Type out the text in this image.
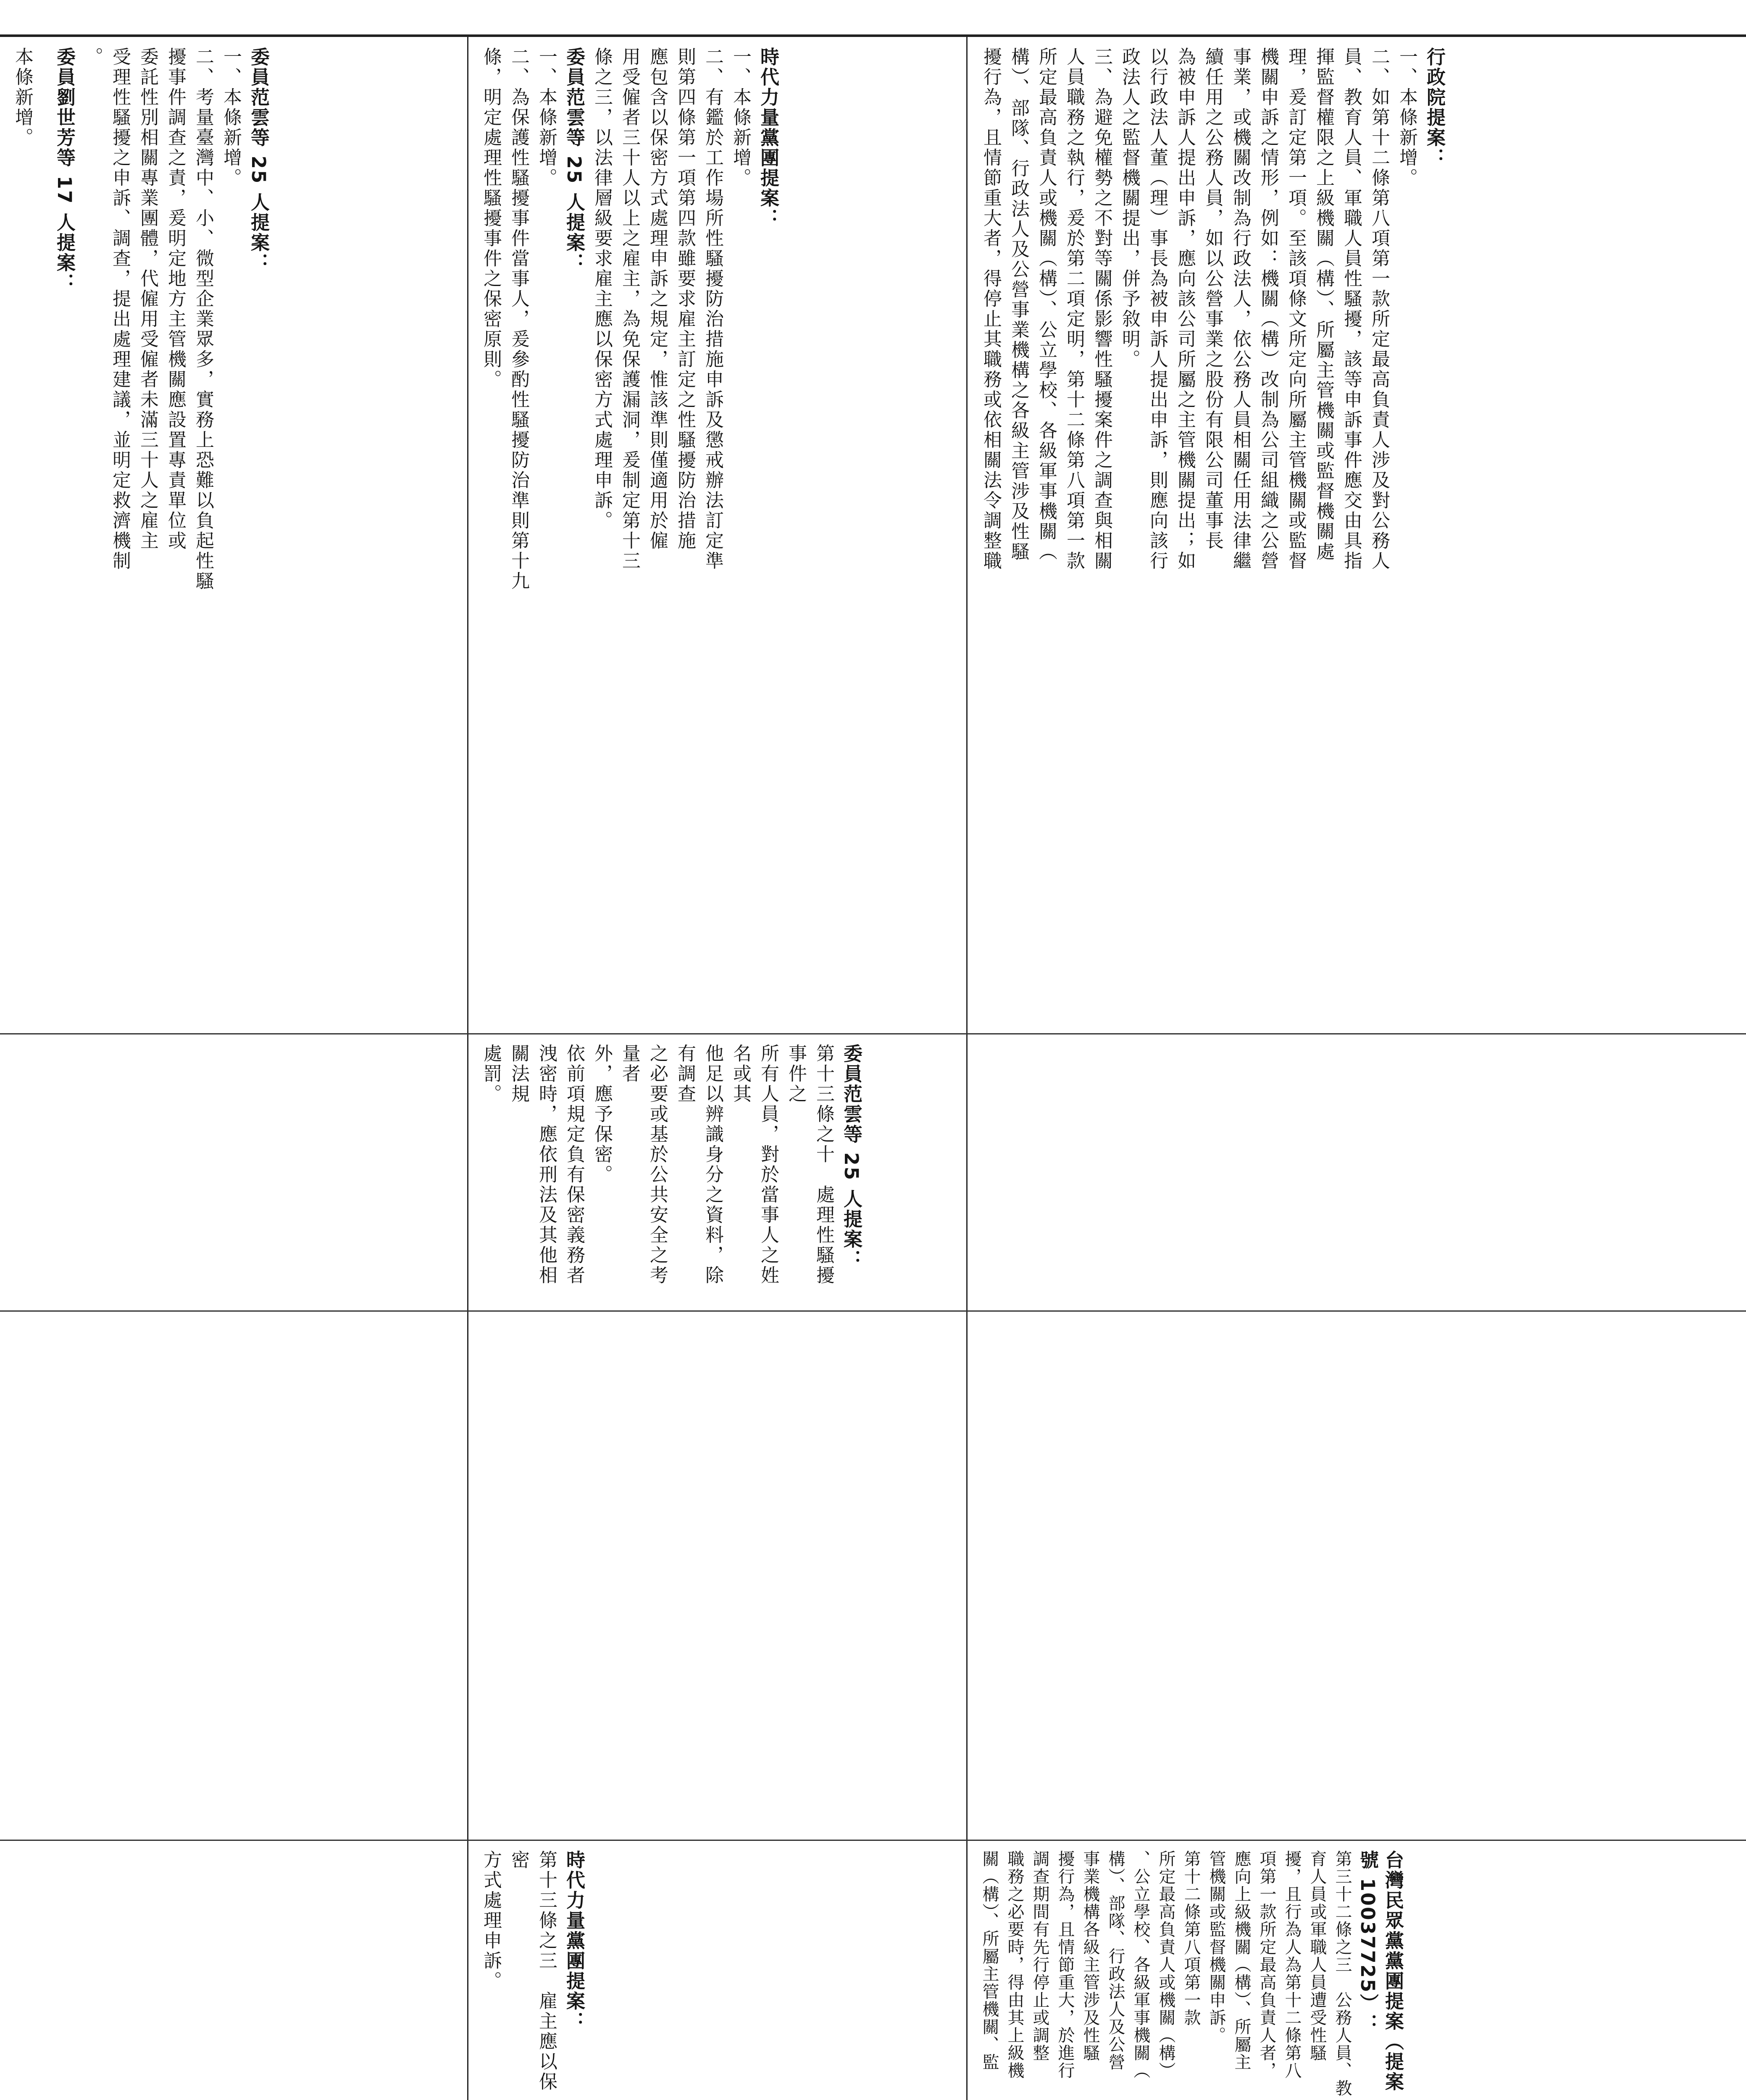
委員范雲等 25 人提案：
一、本條新增。
二、考量臺灣中、小、微型企業眾多，實務上恐難以負起性騷
擾事件調查之責，爰明定地方主管機關應設置專責單位或
委託性別相關專業團體，代僱用受僱者未滿三十人之雇主
受理性騷擾之申訴、調查，提出處理建議，並明定救濟機制
。
委員劉世芳等 17 人提案：
本條新增。	時代力量黨團提案：
一、本條新增。
二、有鑑於工作場所性騷擾防治措施申訴及懲戒辦法訂定準
則第四條第一項第四款雖要求雇主訂定之性騷擾防治措施
應包含以保密方式處理申訴之規定，惟該準則僅適用於僱
用受僱者三十人以上之雇主，為免保護漏洞，爰制定第十三
條之三，以法律層級要求雇主應以保密方式處理申訴。
委員范雲等 25 人提案：
一、本條新增。
二、為保護性騷擾事件當事人，爰參酌性騷擾防治準則第十九
條，明定處理性騷擾事件之保密原則。
委員范雲等 25 人提案：
第十三條之十　處理性騷擾事件之
所有人員，對於當事人之姓名或其
他足以辨識身分之資料，除有調查
之必要或基於公共安全之考量者
外，應予保密。
依前項規定負有保密義務者
洩密時，應依刑法及其他相關法規
處罰。
時代力量黨團提案：
第十三條之三　雇主應以保密
方式處理申訴。
行政院提案：
一、本條新增。
二、如第十二條第八項第一款所定最高負責人涉及對公務人
員、教育人員、軍職人員性騷擾，該等申訴事件應交由具指
揮監督權限之上級機關（構）、所屬主管機關或監督機關處
理，爰訂定第一項。至該項條文所定向所屬主管機關或監督
機關申訴之情形，例如：機關（構）改制為公司組織之公營
事業，或機關改制為行政法人，依公務人員相關任用法律繼
續任用之公務人員，如以公營事業之股份有限公司董事長
為被申訴人提出申訴，應向該公司所屬之主管機關提出；如
以行政法人董（理）事長為被申訴人提出申訴，則應向該行
政法人之監督機關提出，併予敘明。
三、為避免權勢之不對等關係影響性騷擾案件之調查與相關
人員職務之執行，爰於第二項定明，第十二條第八項第一款
所定最高負責人或機關（構）、公立學校、各級軍事機關（
構）、部隊、行政法人及公營事業機構之各級主管涉及性騷
擾行為，且情節重大者，得停止其職務或依相關法令調整職
台灣民眾黨黨團提案（提案號 10037725）：
第三十二條之三　公務人員、教
育人員或軍職人員遭受性騷
擾，且行為人為第十二條第八
項第一款所定最高負責人者，
應向上級機關（構）、所屬主
管機關或監督機關申訴。
第十二條第八項第一款
所定最高負責人或機關（構）
、公立學校、各級軍事機關（
構）、部隊、行政法人及公營
事業機構各級主管涉及性騷
擾行為，且情節重大，於進行
調查期間有先行停止或調整
職務之必要時，得由其上級機
關（構）、所屬主管機關、監
